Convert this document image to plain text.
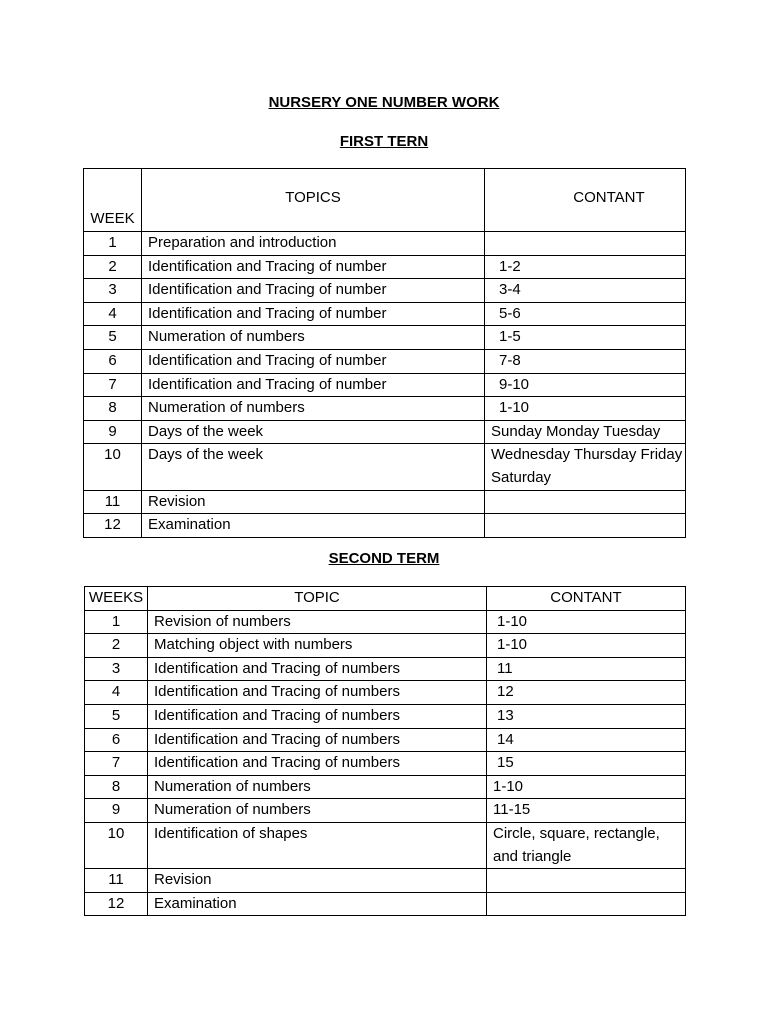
NURSERY ONE NUMBER WORK
FIRST TERN
WEEK	TOPICS	CONTANT
1	Preparation and introduction	
2	Identification and Tracing of number	1-2
3	Identification and Tracing of number	3-4
4	Identification and Tracing of number	5-6
5	Numeration of numbers	1-5
6	Identification and Tracing of number	7-8
7	Identification and Tracing of number	9-10
8	Numeration of numbers	1-10
9	Days of the week	Sunday Monday Tuesday
10	Days of the week	Wednesday Thursday Friday Saturday
11	Revision	
12	Examination	
SECOND TERM
WEEKS	TOPIC	CONTANT
1	Revision of numbers	1-10
2	Matching object with numbers	1-10
3	Identification and Tracing of numbers	11
4	Identification and Tracing of numbers	12
5	Identification and Tracing of numbers	13
6	Identification and Tracing of numbers	14
7	Identification and Tracing of numbers	15
8	Numeration of numbers	1-10
9	Numeration of numbers	11-15
10	Identification of shapes	Circle, square, rectangle, and triangle
11	Revision	
12	Examination	
